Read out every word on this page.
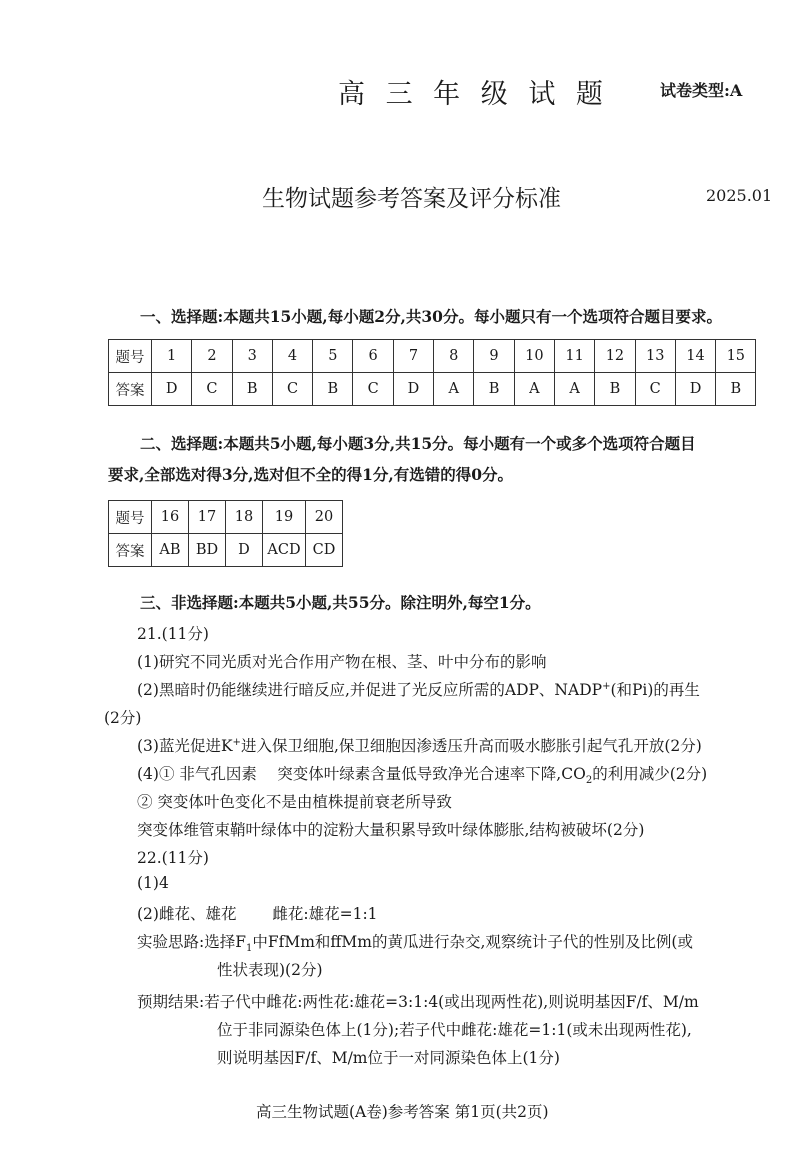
高 三 年 级 试 题	试卷类型:A
生物试题参考答案及评分标准	2025.01
一、选择题:本题共15小题,每小题2分,共30分。每小题只有一个选项符合题目要求。
题号	1	2	3	4	5	6	7	8	9	10	11	12	13	14	15
答案	D	C	B	C	B	C	D	A	B	A	A	B	C	D	B
二、选择题:本题共5小题,每小题3分,共15分。每小题有一个或多个选项符合题目
要求,全部选对得3分,选对但不全的得1分,有选错的得0分。
题号	16	17	18	19	20
答案	AB	BD	D	ACD	CD
三、非选择题:本题共5小题,共55分。除注明外,每空1分。
21.(11分)
(1)研究不同光质对光合作用产物在根、茎、叶中分布的影响
(2)黑暗时仍能继续进行暗反应,并促进了光反应所需的ADP、NADP+(和Pi)的再生
(2分)
(3)蓝光促进K+进入保卫细胞,保卫细胞因渗透压升高而吸水膨胀引起气孔开放(2分)
(4)① 非气孔因素　 突变体叶绿素含量低导致净光合速率下降$,CO_2$的利用减少(2分)
② 突变体叶色变化不是由植株提前衰老所导致
突变体维管束鞘叶绿体中的淀粉大量积累导致叶绿体膨胀,结构被破坏(2分)
22.(11分)
(1)4
(2)雌花、雄花　　 雌花:雄花=1:1
实验思路:选择$F_1$中FfMm和ffMm的黄瓜进行杂交,观察统计子代的性别及比例(或
性状表现)(2分)
预期结果:若子代中雌花:两性花:雄花=3:1:4(或出现两性花),则说明基因F/f、M/m
位于非同源染色体上(1分);若子代中雌花:雄花=1:1(或未出现两性花),
则说明基因F/f、M/m位于一对同源染色体上(1分)
高三生物试题(A卷)参考答案 第1页(共2页)
